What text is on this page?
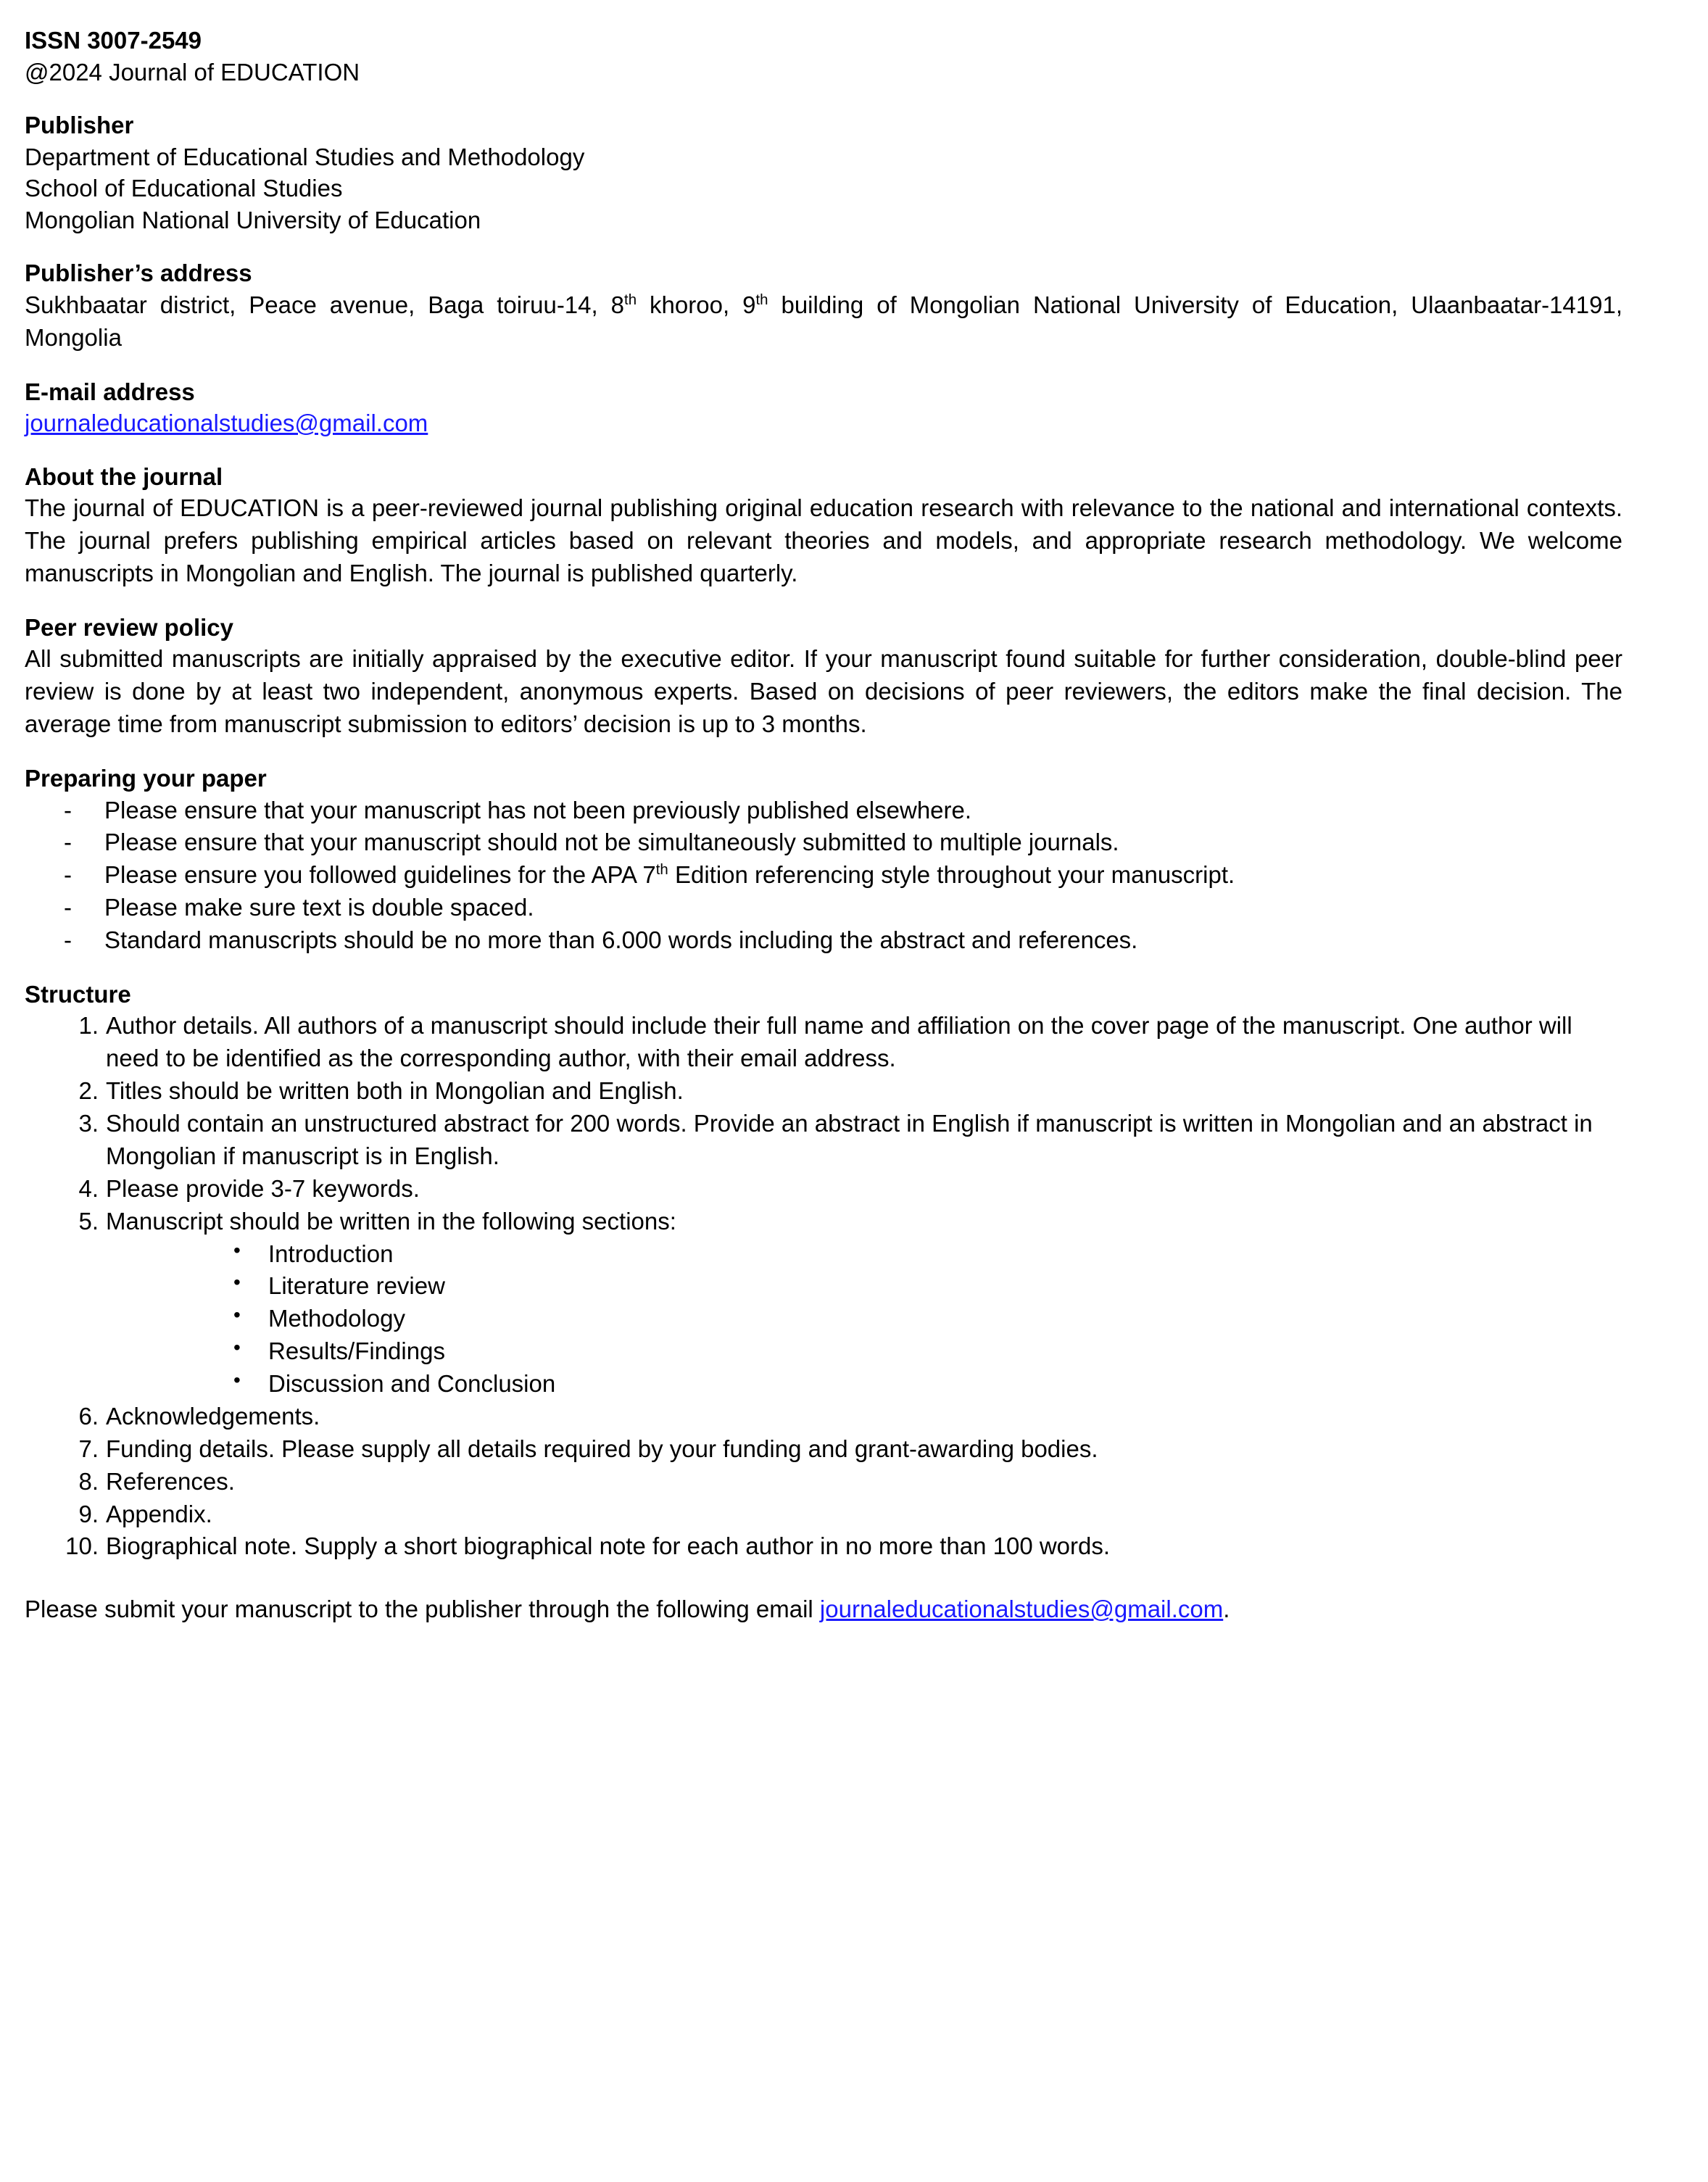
ISSN 3007-2549
@2024 Journal of EDUCATION
Publisher
Department of Educational Studies and Methodology
School of Educational Studies
Mongolian National University of Education
Publisher’s address
Sukhbaatar district, Peace avenue, Baga toiruu-14, 8th khoroo, 9th building of Mongolian National University of Education, Ulaanbaatar-14191, Mongolia
E-mail address
journaleducationalstudies@gmail.com
About the journal
The journal of EDUCATION is a peer-reviewed journal publishing original education research with relevance to the national and international contexts. The journal prefers publishing empirical articles based on relevant theories and models, and appropriate research methodology. We welcome manuscripts in Mongolian and English. The journal is published quarterly.
Peer review policy
All submitted manuscripts are initially appraised by the executive editor. If your manuscript found suitable for further consideration, double-blind peer review is done by at least two independent, anonymous experts. Based on decisions of peer reviewers, the editors make the final decision. The average time from manuscript submission to editors’ decision is up to 3 months.
Preparing your paper
- Please ensure that your manuscript has not been previously published elsewhere.
- Please ensure that your manuscript should not be simultaneously submitted to multiple journals.
- Please ensure you followed guidelines for the APA 7th Edition referencing style throughout your manuscript.
- Please make sure text is double spaced.
- Standard manuscripts should be no more than 6.000 words including the abstract and references.
Structure
1. Author details. All authors of a manuscript should include their full name and affiliation on the cover page of the manuscript. One author will need to be identified as the corresponding author, with their email address.
2. Titles should be written both in Mongolian and English.
3. Should contain an unstructured abstract for 200 words. Provide an abstract in English if manuscript is written in Mongolian and an abstract in Mongolian if manuscript is in English.
4. Please provide 3-7 keywords.
5. Manuscript should be written in the following sections:
• Introduction
• Literature review
• Methodology
• Results/Findings
• Discussion and Conclusion
6. Acknowledgements.
7. Funding details. Please supply all details required by your funding and grant-awarding bodies.
8. References.
9. Appendix.
10. Biographical note. Supply a short biographical note for each author in no more than 100 words.
Please submit your manuscript to the publisher through the following email journaleducationalstudies@gmail.com.
